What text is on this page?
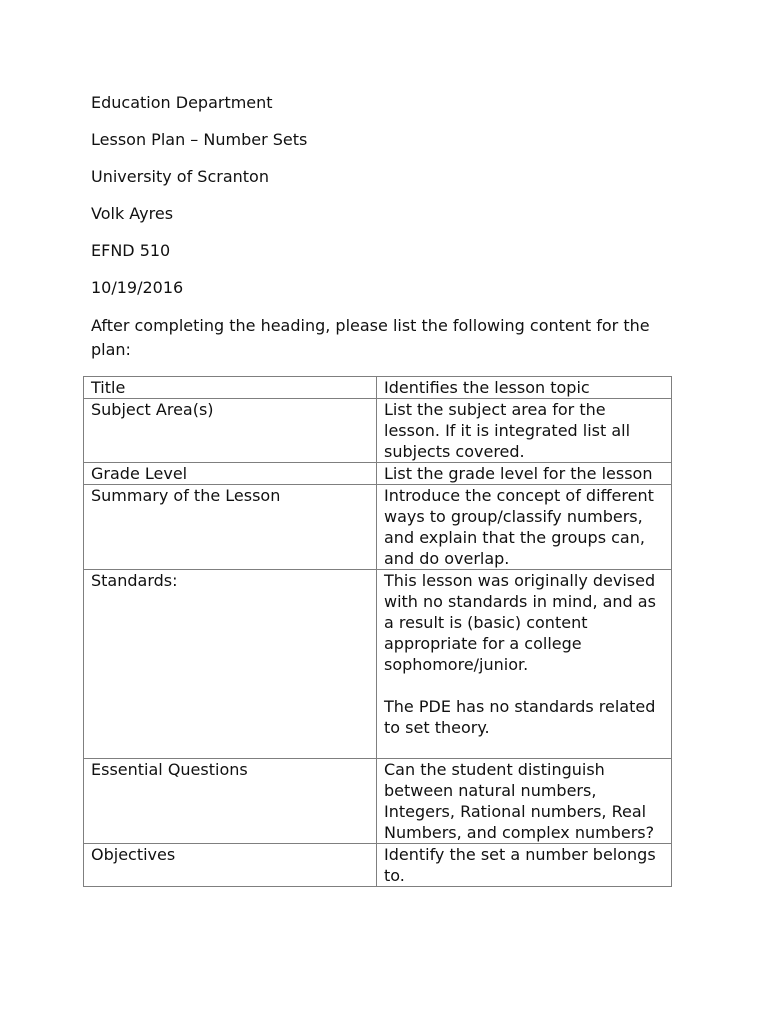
Education Department
Lesson Plan – Number Sets
University of Scranton
Volk Ayres
EFND 510
10/19/2016
After completing the heading, please list the following content for the plan:
Title	Identifies the lesson topic

Subject Area(s)	List the subject area for the lesson. If it is integrated list all subjects covered.

Grade Level	List the grade level for the lesson

Summary of the Lesson	Introduce the concept of different ways to group/classify numbers, and explain that the groups can, and do overlap.

Standards:	This lesson was originally devised with no standards in mind, and as a result is (basic) content appropriate for a college sophomore/junior.
The PDE has no standards related to set theory.

Essential Questions	Can the student distinguish between natural numbers, Integers, Rational numbers, Real Numbers, and complex numbers?

Objectives	Identify the set a number belongs to.
